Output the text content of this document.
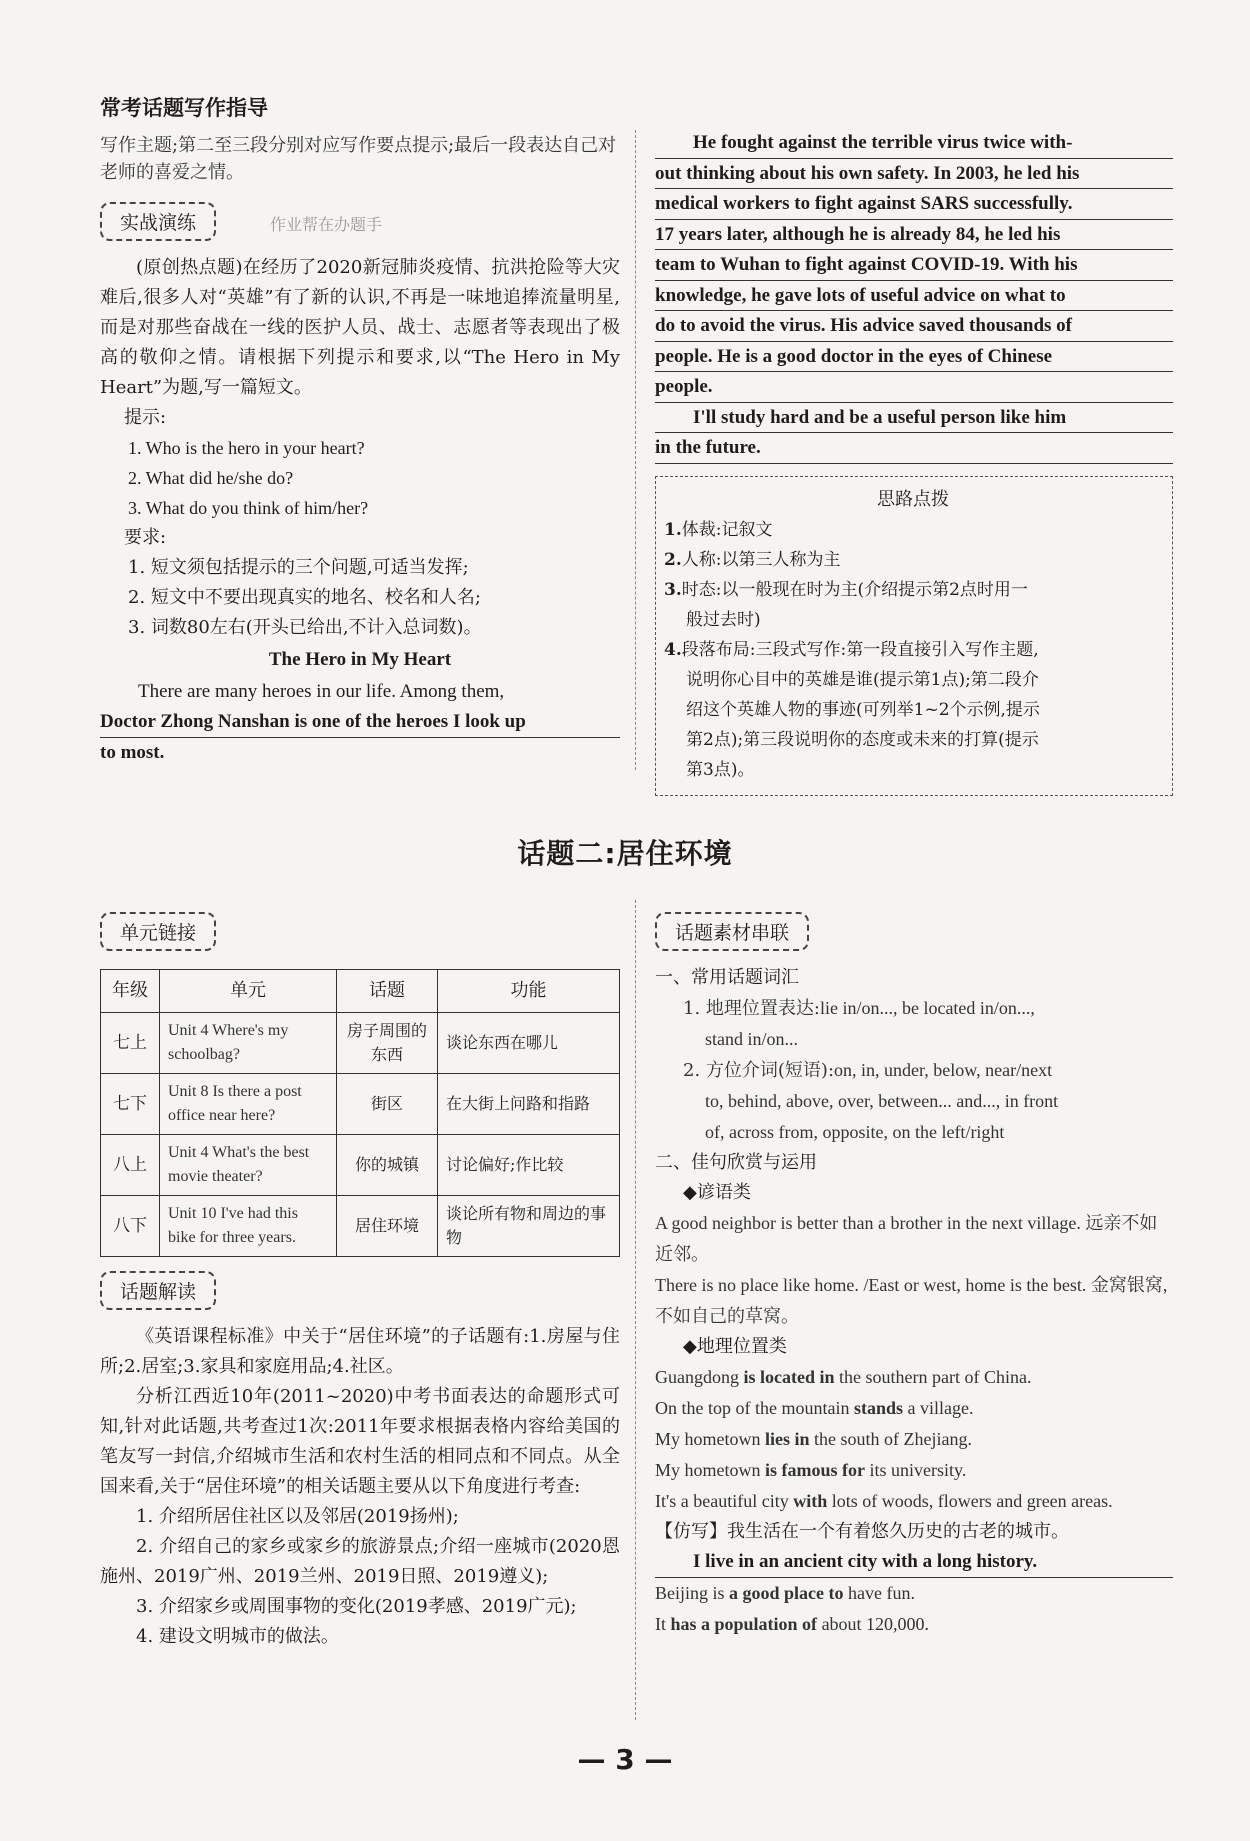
常考话题写作指导

写作主题;第二至三段分别对应写作要点提示;最后一段表达自己对老师的喜爱之情。

实战演练	作业帮在办题手

(原创热点题)在经历了2020新冠肺炎疫情、抗洪抢险等大灾难后,很多人对“英雄”有了新的认识,不再是一味地追捧流量明星,而是对那些奋战在一线的医护人员、战士、志愿者等表现出了极高的敬仰之情。请根据下列提示和要求,以“The Hero in My Heart”为题,写一篇短文。

提示:

1. Who is the hero in your heart?

2. What did he/she do?

3. What do you think of him/her?

要求:

1. 短文须包括提示的三个问题,可适当发挥;

2. 短文中不要出现真实的地名、校名和人名;

3. 词数80左右(开头已给出,不计入总词数)。

The Hero in My Heart

There are many heroes in our life. Among them,

Doctor Zhong Nanshan is one of the heroes I look up

to most.

He fought against the terrible virus twice with-

out thinking about his own safety. In 2003, he led his

medical workers to fight against SARS successfully.

17 years later, although he is already 84, he led his

team to Wuhan to fight against COVID-19. With his

knowledge, he gave lots of useful advice on what to

do to avoid the virus. His advice saved thousands of

people. He is a good doctor in the eyes of Chinese

people.

I'll study hard and be a useful person like him

in the future.

思路点拨

1.体裁:记叙文

2.人称:以第三人称为主

3.时态:以一般现在时为主(介绍提示第2点时用一

般过去时)

4.段落布局:三段式写作:第一段直接引入写作主题,

说明你心目中的英雄是谁(提示第1点);第二段介

绍这个英雄人物的事迹(可列举1~2个示例,提示

第2点);第三段说明你的态度或未来的打算(提示

第3点)。

话题二:居住环境
单元链接
年级	单元	话题	功能
七上	Unit 4 Where's my schoolbag?	房子周围的东西	谈论东西在哪儿
七下	Unit 8 Is there a post office near here?	街区	在大街上问路和指路
八上	Unit 4 What's the best movie theater?	你的城镇	讨论偏好;作比较
八下	Unit 10 I've had this bike for three years.	居住环境	谈论所有物和周边的事物
话题解读

《英语课程标准》中关于“居住环境”的子话题有:1.房屋与住所;2.居室;3.家具和家庭用品;4.社区。

分析江西近10年(2011~2020)中考书面表达的命题形式可知,针对此话题,共考查过1次:2011年要求根据表格内容给美国的笔友写一封信,介绍城市生活和农村生活的相同点和不同点。从全国来看,关于“居住环境”的相关话题主要从以下角度进行考查:

1. 介绍所居住社区以及邻居(2019扬州);

2. 介绍自己的家乡或家乡的旅游景点;介绍一座城市(2020恩施州、2019广州、2019兰州、2019日照、2019遵义);

3. 介绍家乡或周围事物的变化(2019孝感、2019广元);

4. 建设文明城市的做法。

话题素材串联

一、常用话题词汇

1. 地理位置表达:lie in/on..., be located in/on...,

stand in/on...

2. 方位介词(短语):on, in, under, below, near/next

to, behind, above, over, between... and..., in front

of, across from, opposite, on the left/right

二、佳句欣赏与运用

◆谚语类

A good neighbor is better than a brother in the next village. 远亲不如近邻。

There is no place like home. /East or west, home is the best. 金窝银窝,不如自己的草窝。

◆地理位置类

Guangdong is located in the southern part of China.

On the top of the mountain stands a village.

My hometown lies in the south of Zhejiang.

My hometown is famous for its university.

It's a beautiful city with lots of woods, flowers and green areas.

【仿写】我生活在一个有着悠久历史的古老的城市。

I live in an ancient city with a long history.

Beijing is a good place to have fun.

It has a population of about 120,000.

— 3 —
